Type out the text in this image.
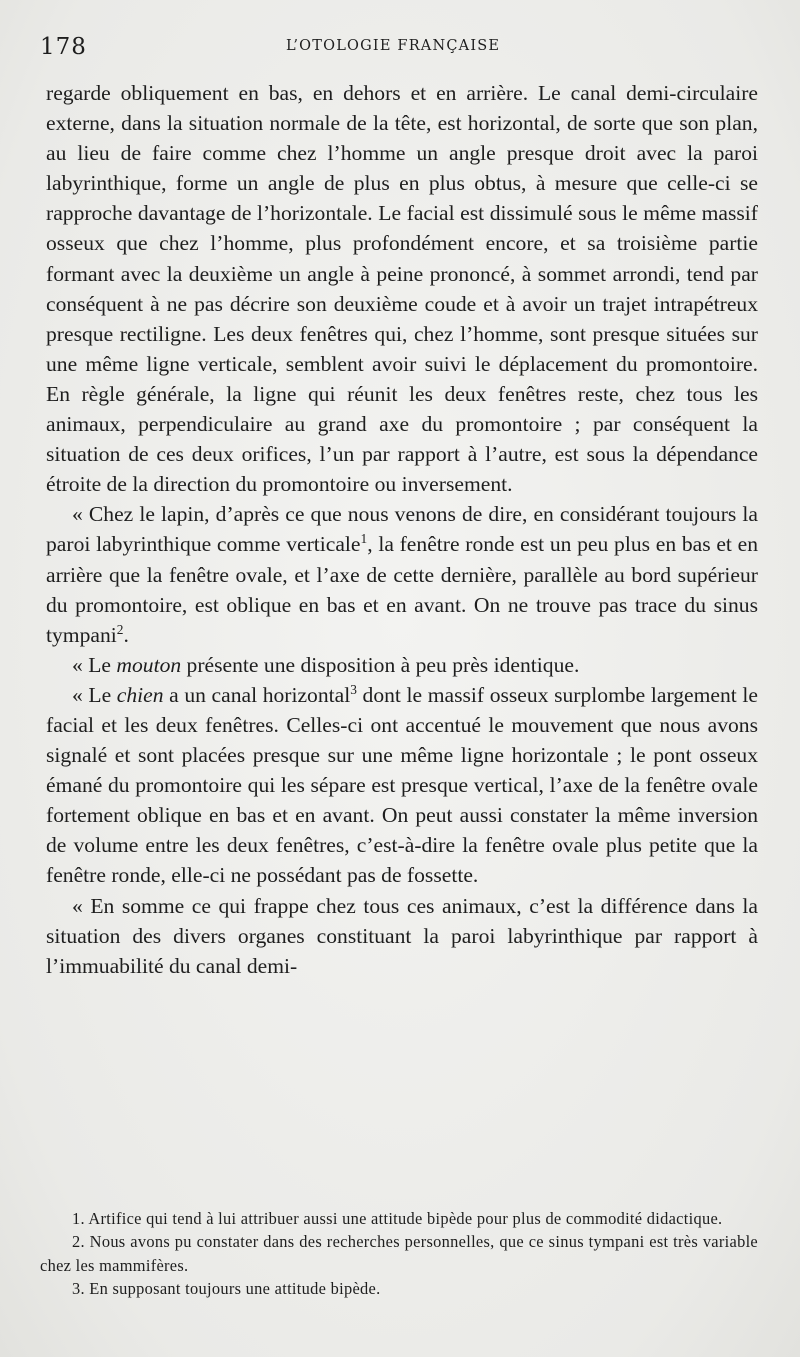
178	L’OTOLOGIE FRANÇAISE

regarde obliquement en bas, en dehors et en arrière. Le canal demi-circulaire externe, dans la situation normale de la tête, est horizontal, de sorte que son plan, au lieu de faire comme chez l’homme un angle presque droit avec la paroi labyrinthique, forme un angle de plus en plus obtus, à mesure que celle-ci se rapproche davantage de l’horizontale. Le facial est dissimulé sous le même massif osseux que chez l’homme, plus profondément encore, et sa troisième partie formant avec la deuxième un angle à peine prononcé, à sommet arrondi, tend par conséquent à ne pas décrire son deuxième coude et à avoir un trajet intrapétreux presque rectiligne. Les deux fenêtres qui, chez l’homme, sont presque situées sur une même ligne verticale, semblent avoir suivi le déplacement du promontoire. En règle générale, la ligne qui réunit les deux fenêtres reste, chez tous les animaux, perpendiculaire au grand axe du promontoire ; par conséquent la situation de ces deux orifices, l’un par rapport à l’autre, est sous la dépendance étroite de la direction du promontoire ou inversement.

« Chez le lapin, d’après ce que nous venons de dire, en considérant toujours la paroi labyrinthique comme verticale$^1$, la fenêtre ronde est un peu plus en bas et en arrière que la fenêtre ovale, et l’axe de cette dernière, parallèle au bord supérieur du promontoire, est oblique en bas et en avant. On ne trouve pas trace du sinus tympani$^2$.

« Le mouton présente une disposition à peu près identique.

« Le chien a un canal horizontal$^3$ dont le massif osseux surplombe largement le facial et les deux fenêtres. Celles-ci ont accentué le mouvement que nous avons signalé et sont placées presque sur une même ligne horizontale ; le pont osseux émané du promontoire qui les sépare est presque vertical, l’axe de la fenêtre ovale fortement oblique en bas et en avant. On peut aussi constater la même inversion de volume entre les deux fenêtres, c’est-à-dire la fenêtre ovale plus petite que la fenêtre ronde, elle-ci ne possédant pas de fossette.

« En somme ce qui frappe chez tous ces animaux, c’est la différence dans la situation des divers organes constituant la paroi labyrinthique par rapport à l’immuabilité du canal demi-

1. Artifice qui tend à lui attribuer aussi une attitude bipède pour plus de commodité didactique.

2. Nous avons pu constater dans des recherches personnelles, que ce sinus tympani est très variable chez les mammifères.

3. En supposant toujours une attitude bipède.
